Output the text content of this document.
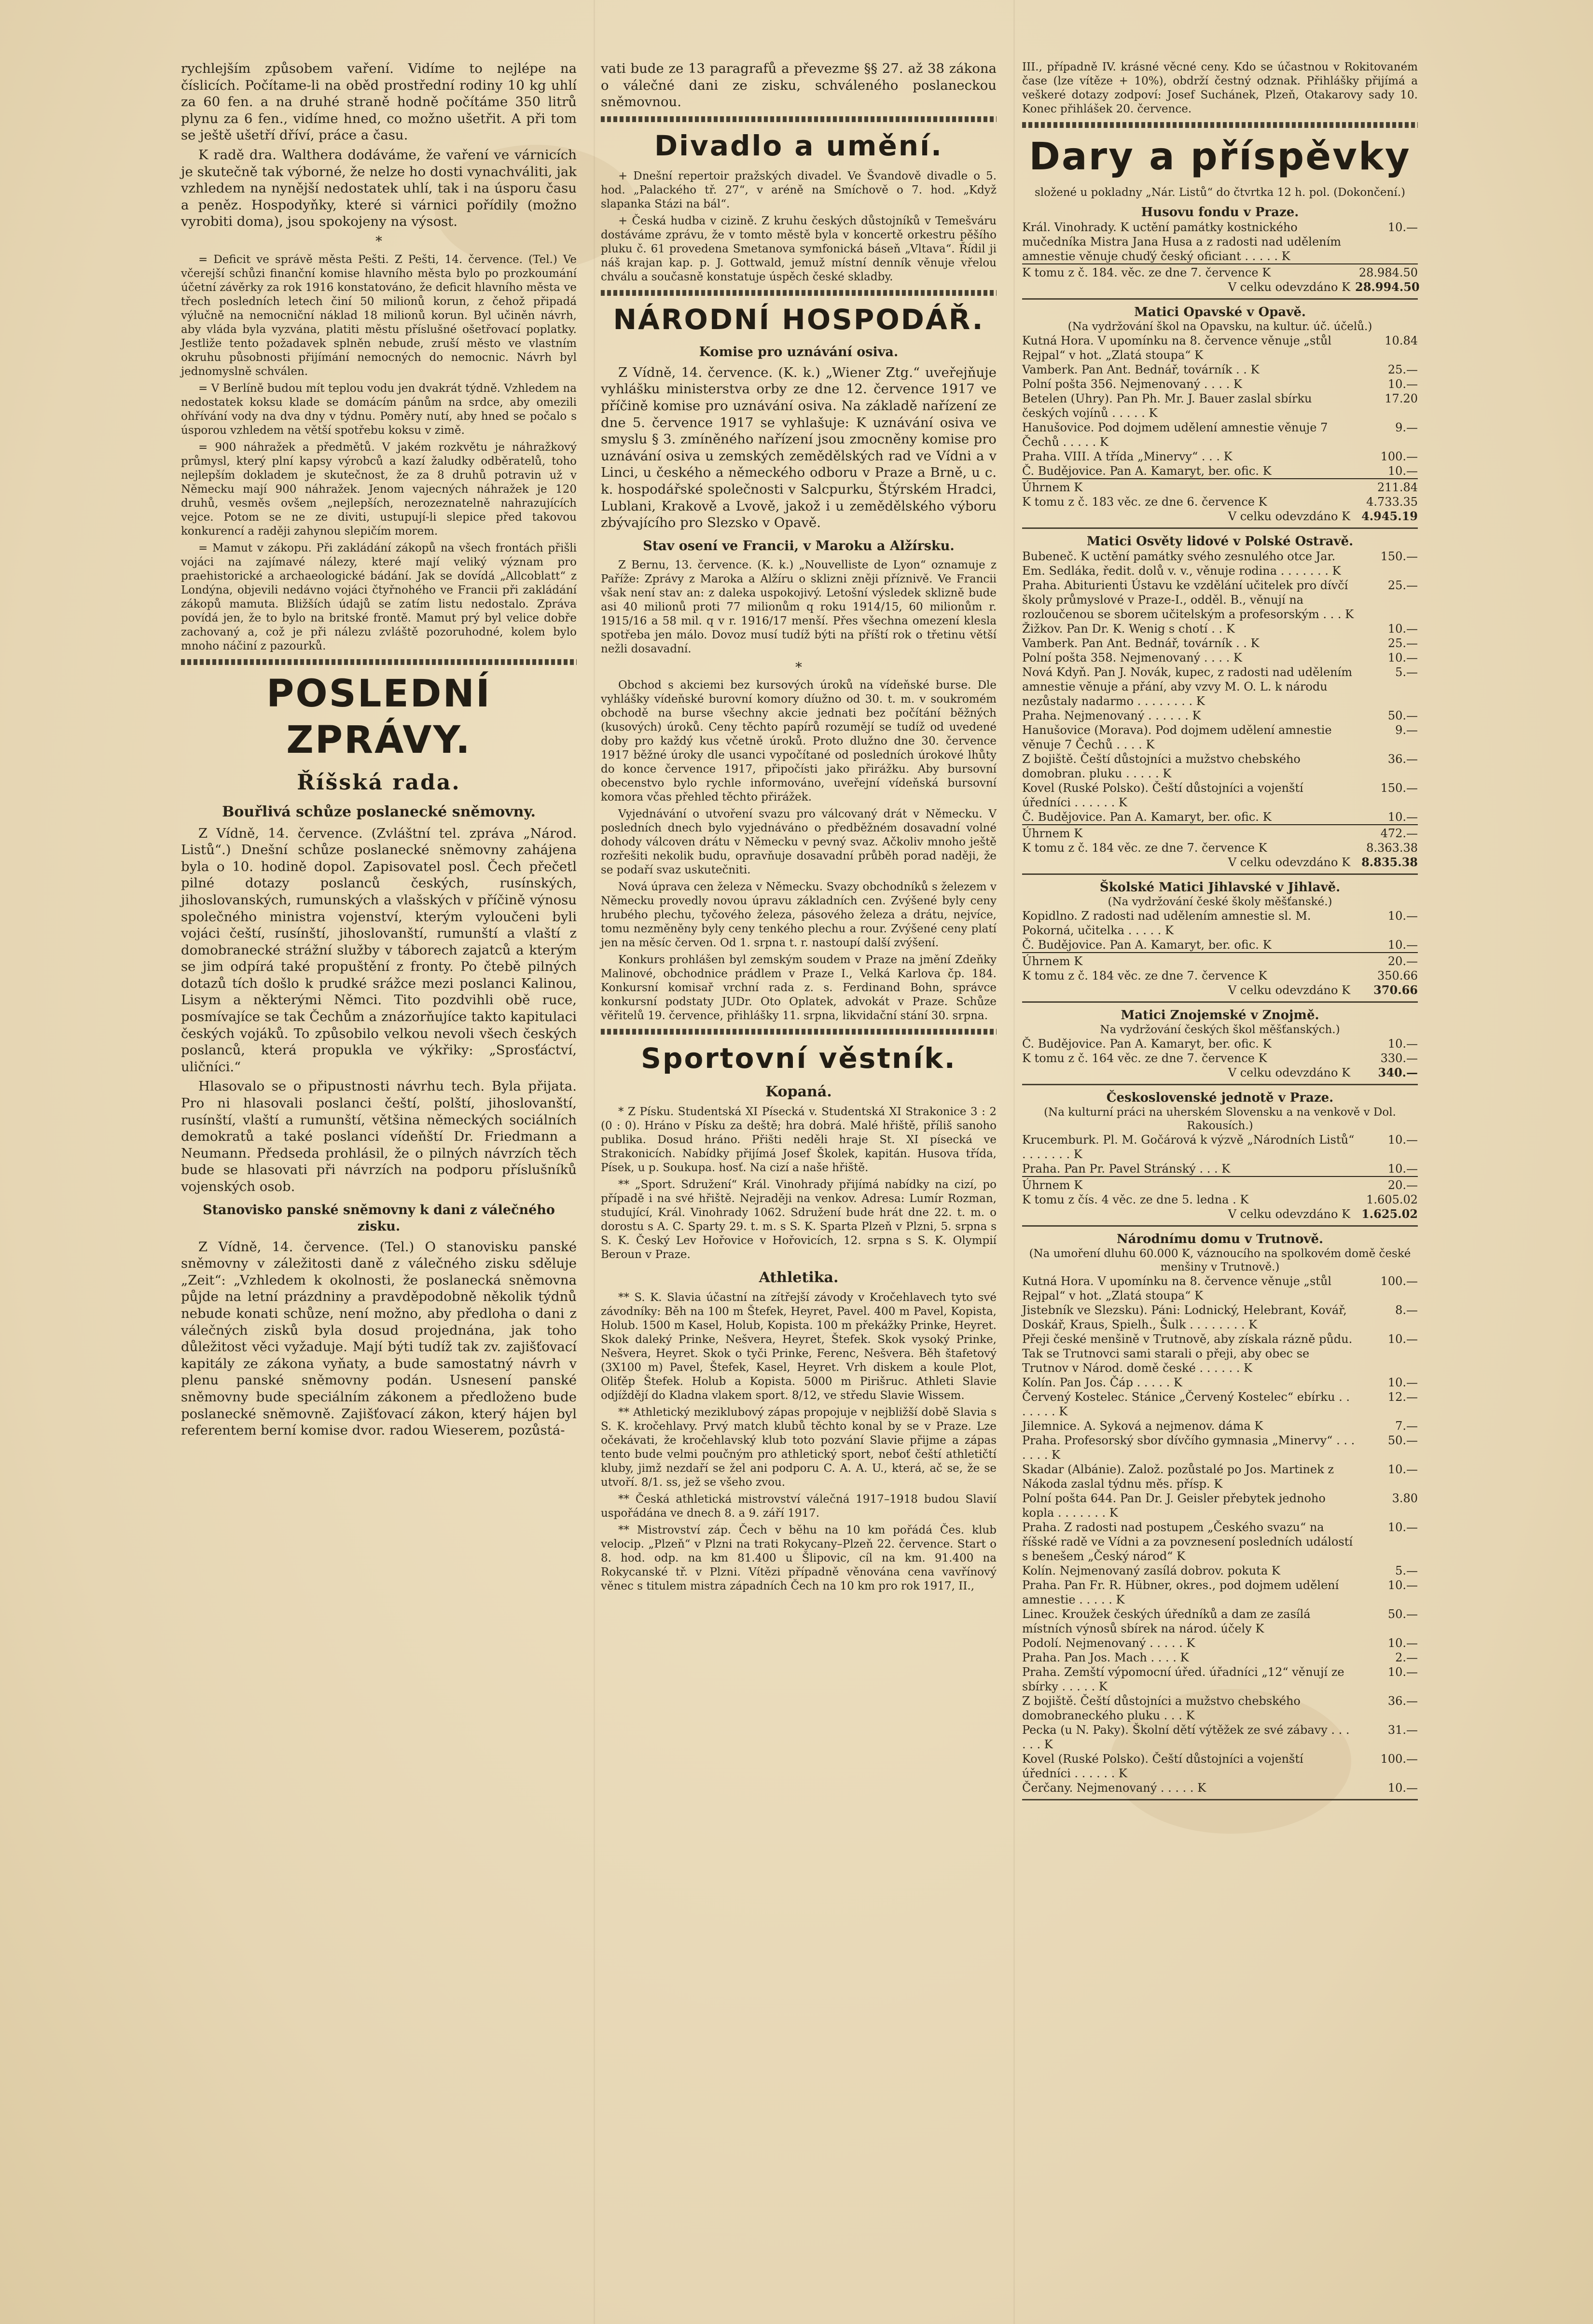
rychlejším způsobem vaření. Vidíme to nejlépe na číslicích. Počítame-li na oběd prostřední rodiny 10 kg uhlí za 60 fen. a na druhé straně hodně počítáme 350 litrů plynu za 6 fen., vidíme hned, co možno ušetřit. A při tom se ještě ušetří dříví, práce a času.

K radě dra. Walthera dodáváme, že vaření ve várnicích je skutečně tak výborné, že nelze ho dosti vynachváliti, jak vzhledem na nynější nedostatek uhlí, tak i na úsporu času a peněz. Hospodyňky, které si várnici pořídily (možno vyrobiti doma), jsou spokojeny na výsost.

*

= Deficit ve správě města Pešti. Z Pešti, 14. července. (Tel.) Ve včerejší schůzi finanční komise hlavního města bylo po prozkoumání účetní závěrky za rok 1916 konstatováno, že deficit hlavního města ve třech posledních letech činí 50 milionů korun, z čehož připadá výlučně na nemocniční náklad 18 milionů korun. Byl učiněn návrh, aby vláda byla vyzvána, platiti městu příslušné ošetřovací poplatky. Jestliže tento požadavek splněn nebude, zruší město ve vlastním okruhu působnosti přijímání nemocných do nemocnic. Návrh byl jednomyslně schválen.

= V Berlíně budou mít teplou vodu jen dvakrát týdně. Vzhledem na nedostatek koksu klade se domácím pánům na srdce, aby omezili ohřívání vody na dva dny v týdnu. Poměry nutí, aby hned se počalo s úsporou vzhledem na větší spotřebu koksu v zimě.

= 900 náhražek a předmětů. V jakém rozkvětu je náhražkový průmysl, který plní kapsy výrobců a kazí žaludky odběratelů, toho nejlepším dokladem je skutečnost, že za 8 druhů potravin už v Německu mají 900 náhražek. Jenom vajecných náhražek je 120 druhů, vesměs ovšem „nejlepších, nerozeznatelně nahrazujících vejce. Potom se ne ze diviti, ustupují-li slepice před takovou konkurencí a raději zahynou slepičím morem.

= Mamut v zákopu. Při zakládání zákopů na všech frontách přišli vojáci na zajímavé nálezy, které mají veliký význam pro praehistorické a archaeologické bádání. Jak se dovídá „Allcoblatt“ z Londýna, objevili nedávno vojáci čtyřnohého ve Francii při zakládání zákopů mamuta. Bližších údajů se zatím listu nedostalo. Zpráva povídá jen, že to bylo na britské frontě. Mamut prý byl velice dobře zachovaný a, což je při nálezu zvláště pozoruhodné, kolem bylo mnoho náčiní z pazourků.

POSLEDNÍ ZPRÁVY.
Říšská rada.
Bouřlivá schůze poslanecké sněmovny.

Z Vídně, 14. července. (Zvláštní tel. zpráva „Národ. Listů“.) Dnešní schůze poslanecké sněmovny zahájena byla o 10. hodině dopol. Zapisovatel posl. Čech přečetl pilné dotazy poslanců českých, rusínských, jihoslovanských, rumunských a vlašských v příčině výnosu společného ministra vojenství, kterým vyloučeni byli vojáci čeští, rusínští, jihoslovanští, rumunští a vlaští z domobranecké strážní služby v táborech zajatců a kterým se jim odpírá také propuštění z fronty. Po čtebě pilných dotazů tích došlo k prudké srážce mezi poslanci Kalinou, Lisym a některými Němci. Tito pozdvihli obě ruce, posmívajíce se tak Čechům a znázorňujíce takto kapitulaci českých vojáků. To způsobilo velkou nevoli všech českých poslanců, která propukla ve výkřiky: „Sprosťáctví, uličníci.“

Hlasovalo se o připustnosti návrhu tech. Byla přijata. Pro ni hlasovali poslanci čeští, polští, jihoslovanští, rusínští, vlaští a rumunští, většina německých sociálních demokratů a také poslanci vídeňští Dr. Friedmann a Neumann. Předseda prohlásil, že o pilných návrzích těch bude se hlasovati při návrzích na podporu příslušníků vojenských osob.

Stanovisko panské sněmovny k dani z válečného zisku.

Z Vídně, 14. července. (Tel.) O stanovisku panské sněmovny v záležitosti daně z válečného zisku sděluje „Zeit“: „Vzhledem k okolnosti, že poslanecká sněmovna půjde na letní prázdniny a pravděpodobně několik týdnů nebude konati schůze, není možno, aby předloha o dani z válečných zisků byla dosud projednána, jak toho důležitost věci vyžaduje. Mají býti tudíž tak zv. zajišťovací kapitály ze zákona vyňaty, a bude samostatný návrh v plenu panské sněmovny podán. Usnesení panské sněmovny bude speciálním zákonem a předloženo bude poslanecké sněmovně. Zajišťovací zákon, který hájen byl referentem berní komise dvor. radou Wieserem, pozůstá-

vati bude ze 13 paragrafů a převezme §§ 27. až 38 zákona o válečné dani ze zisku, schváleného poslaneckou sněmovnou.

Divadlo a umění.

+ Dnešní repertoir pražských divadel. Ve Švandově divadle o 5. hod. „Palackého tř. 27“, v aréně na Smíchově o 7. hod. „Když slapanka Stázi na bál“.

+ Česká hudba v cizině. Z kruhu českých důstojníků v Temešváru dostáváme zprávu, že v tomto městě byla v koncertě orkestru pěšího pluku č. 61 provedena Smetanova symfonická báseň „Vltava“. Řídil ji náš krajan kap. p. J. Gottwald, jemuž místní denník věnuje vřelou chválu a současně konstatuje úspěch české skladby.

NÁRODNÍ HOSPODÁŘ.
Komise pro uznávání osiva.

Z Vídně, 14. července. (K. k.) „Wiener Ztg.“ uveřejňuje vyhlášku ministerstva orby ze dne 12. července 1917 ve příčině komise pro uznávání osiva. Na základě nařízení ze dne 5. července 1917 se vyhlašuje: K uznávání osiva ve smyslu § 3. zmíněného nařízení jsou zmocněny komise pro uznávání osiva u zemských zemědělských rad ve Vídni a v Linci, u českého a německého odboru v Praze a Brně, u c. k. hospodářské společnosti v Salcpurku, Štýrském Hradci, Lublani, Krakově a Lvově, jakož i u zemědělského výboru zbývajícího pro Slezsko v Opavě.

Stav osení ve Francii, v Maroku a Alžírsku.

Z Bernu, 13. července. (K. k.) „Nouvelliste de Lyon“ oznamuje z Paříže: Zprávy z Maroka a Alžíru o sklizni zněji příznivě. Ve Francii však není stav an: z daleka uspokojivý. Letošní výsledek sklizně bude asi 40 milionů proti 77 milionům q roku 1914/15, 60 milionům r. 1915/16 a 58 mil. q v r. 1916/17 menší. Přes všechna omezení klesla spotřeba jen málo. Dovoz musí tudíž býti na příští rok o třetinu větší nežli dosavadní.

*

Obchod s akciemi bez kursových úroků na vídeňské burse. Dle vyhlášky vídeňské burovní komory díužno od 30. t. m. v soukromém obchodě na burse všechny akcie jednati bez počítání běžných (kusových) úroků. Ceny těchto papírů rozumějí se tudíž od uvedené doby pro každý kus včetně úroků. Proto dlužno dne 30. července 1917 běžné úroky dle usanci vypočítané od posledních úrokové lhůty do konce července 1917, připočísti jako přirážku. Aby bursovní obecenstvo bylo rychle informováno, uveřejní vídeňská bursovní komora včas přehled těchto přirážek.

Vyjednávání o utvoření svazu pro válcovaný drát v Německu. V posledních dnech bylo vyjednáváno o předběžném dosavadní volné dohody válcoven drátu v Německu v pevný svaz. Ačkoliv mnoho ještě rozřešiti nekolik budu, opravňuje dosavadní průběh porad naději, že se podaří svaz uskutečniti.

Nová úprava cen železa v Německu. Svazy obchodníků s železem v Německu provedly novou úpravu základních cen. Zvýšené byly ceny hrubého plechu, tyčového železa, pásového železa a drátu, nejvíce, tomu nezměněny byly ceny tenkého plechu a rour. Zvýšené ceny platí jen na měsíc červen. Od 1. srpna t. r. nastoupí další zvýšení.

Konkurs prohlášen byl zemským soudem v Praze na jmění Zdeňky Malinové, obchodnice prádlem v Praze I., Velká Karlova čp. 184. Konkursní komisař vrchní rada z. s. Ferdinand Bohn, správce konkursní podstaty JUDr. Oto Oplatek, advokát v Praze. Schůze věřitelů 19. července, přihlášky 11. srpna, likvidační stání 30. srpna.

Sportovní věstník.
Kopaná.

* Z Písku. Studentská XI Písecká v. Studentská XI Strakonice 3 : 2 (0 : 0). Hráno v Písku za deště; hra dobrá. Malé hřiště, příliš sanoho publika. Dosud hráno. Přišti neděli hraje St. XI písecká ve Strakonicích. Nabídky přijímá Josef Školek, kapitán. Husova třída, Písek, u p. Soukupa. hosť. Na cizí a naše hřiště.

** „Sport. Sdružení“ Král. Vinohrady přijímá nabídky na cizí, po případě i na své hřiště. Nejraději na venkov. Adresa: Lumír Rozman, studující, Král. Vinohrady 1062. Sdružení bude hrát dne 22. t. m. o dorostu s A. C. Sparty 29. t. m. s S. K. Sparta Plzeň v Plzni, 5. srpna s S. K. Český Lev Hořovice v Hořovicích, 12. srpna s S. K. Olympií Beroun v Praze.

Athletika.

** S. K. Slavia účastní na zítřejší závody v Kročehlavech tyto své závodníky: Běh na 100 m Štefek, Heyret, Pavel. 400 m Pavel, Kopista, Holub. 1500 m Kasel, Holub, Kopista. 100 m překážky Prinke, Heyret. Skok daleký Prinke, Nešvera, Heyret, Štefek. Skok vysoký Prinke, Nešvera, Heyret. Skok o tyči Prinke, Ferenc, Nešvera. Běh štafetový (3X100 m) Pavel, Štefek, Kasel, Heyret. Vrh diskem a koule Plot, Oliťěp Štefek. Holub a Kopista. 5000 m Pirišruc. Athleti Slavie odjíždějí do Kladna vlakem sport. 8/12, ve středu Slavie Wissem.

** Athletický meziklubový zápas propojuje v nejbližší době Slavia s S. K. kročehlavy. Prvý match klubů těchto konal by se v Praze. Lze očekávati, že kročehlavský klub toto pozvání Slavie přijme a zápas tento bude velmi poučným pro athletický sport, neboť čeští athletičtí kluby, jimž nezdaří se žel ani podporu C. A. A. U., která, ač se, že se utvoří. 8/1. ss, jež se všeho zvou.

** Česká athletická mistrovství válečná 1917–1918 budou Slavií uspořádána ve dnech 8. a 9. září 1917.

** Mistrovství záp. Čech v běhu na 10 km pořádá Čes. klub velocip. „Plzeň“ v Plzni na trati Rokycany–Plzeň 22. července. Start o 8. hod. odp. na km 81.400 u Šlipovic, cíl na km. 91.400 na Rokycanské tř. v Plzni. Vítězi případně věnována cena vavřínový věnec s titulem mistra západních Čech na 10 km pro rok 1917, II.,

III., případně IV. krásné věcné ceny. Kdo se účastnou v Rokitovaném čase (lze vítěze + 10%), obdrží čestný odznak. Přihlášky přijímá a veškeré dotazy zodpoví: Josef Suchánek, Plzeň, Otakarovy sady 10. Konec přihlášek 20. července.

Dary a příspěvky

složené u pokladny „Nár. Listů“ do čtvrtka 12 h. pol. (Dokončení.)

Husovu fondu v Praze.
Král. Vinohrady. K uctění památky kostnického mučedníka Mistra Jana Husa a z radosti nad udělením amnestie věnuje chuďý český oficiant . . . . . K
10.—
K tomu z č. 184. věc. ze dne 7. července K	28.984.50
V celku odevzdáno K 28.994.50
Matici Opavské v Opavě.
(Na vydržování škol na Opavsku, na kultur. úč. účelů.)
Kutná Hora. V upomínku na 8. července věnuje „stůl Rejpal“ v hot. „Zlatá stoupa“ K
10.84
Vamberk. Pan Ant. Bednář, továrník . . K	25.—
Polní pošta 356. Nejmenovaný . . . . K	10.—
Betelen (Uhry). Pan Ph. Mr. J. Bauer zaslal sbírku českých vojínů . . . . . K
17.20
Hanušovice. Pod dojmem udělení amnestie věnuje 7 Čechů . . . . . K
9.—
Praha. VIII. A třída „Minervy“ . . . K	100.—
Č. Budějovice. Pan A. Kamaryt, ber. ofic. K	10.—
Úhrnem K	211.84
K tomu z č. 183 věc. ze dne 6. července K	4.733.35
V celku odevzdáno K 4.945.19
Matici Osvěty lidové v Polské Ostravě.
Bubeneč. K uctění památky svého zesnulého otce Jar. Em. Sedláka, ředit. dolů v. v., věnuje rodina . . . . . . . K
150.—
Praha. Abiturienti Ústavu ke vzdělání učitelek pro dívčí školy průmyslové v Praze-I., odděl. B., věnují na rozloučenou se sborem učitelským a profesorským . . . K
25.—
Žižkov. Pan Dr. K. Wenig s chotí . . K	10.—
Vamberk. Pan Ant. Bednář, továrník . . K	25.—
Polní pošta 358. Nejmenovaný . . . . K	10.—
Nová Kdyň. Pan J. Novák, kupec, z radosti nad udělením amnestie věnuje a přání, aby vzvy M. O. L. k národu nezůstaly nadarmo . . . . . . . . K
5.—
Praha. Nejmenovaný . . . . . . K	50.—
Hanušovice (Morava). Pod dojmem udělení amnestie věnuje 7 Čechů . . . . K
9.—
Z bojiště. Čeští důstojníci a mužstvo chebského domobran. pluku . . . . . K
36.—
Kovel (Ruské Polsko). Čeští důstojníci a vojenští úředníci . . . . . . K
150.—
Č. Budějovice. Pan A. Kamaryt, ber. ofic. K	10.—
Úhrnem K	472.—
K tomu z č. 184 věc. ze dne 7. července K	8.363.38
V celku odevzdáno K 8.835.38
Školské Matici Jihlavské v Jihlavě.
(Na vydržování české školy měšťanské.)
Kopidlno. Z radosti nad udělením amnestie sl. M. Pokorná, učitelka . . . . . K
10.—
Č. Budějovice. Pan A. Kamaryt, ber. ofic. K	10.—
Úhrnem K	20.—
K tomu z č. 184 věc. ze dne 7. července K	350.66
V celku odevzdáno K	370.66
Matici Znojemské v Znojmě.
Na vydržování českých škol měšťanských.)
Č. Budějovice. Pan A. Kamaryt, ber. ofic. K	10.—
K tomu z č. 164 věc. ze dne 7. července K	330.—
V celku odevzdáno K	340.—
Československé jednotě v Praze.
(Na kulturní práci na uherském Slovensku a na venkově v Dol. Rakousích.)
Krucemburk. Pl. M. Gočárová k výzvě „Národních Listů“ . . . . . . . K
10.—
Praha. Pan Pr. Pavel Stránský . . . K	10.—
Úhrnem K	20.—
K tomu z čís. 4 věc. ze dne 5. ledna . K	1.605.02
V celku odevzdáno K 1.625.02
Národnímu domu v Trutnově.
(Na umoření dluhu 60.000 K, váznoucího na spolkovém domě české menšiny v Trutnově.)
Kutná Hora. V upomínku na 8. července věnuje „stůl Rejpal“ v hot. „Zlatá stoupa“ K
100.—
Jistebník ve Slezsku). Páni: Lodnický, Helebrant, Kovář, Doskář, Kraus, Spielh., Šulk . . . . . . . . K
8.—
Přeji české menšině v Trutnově, aby získala rázně půdu. Tak se Trutnovci sami starali o přeji, aby obec se Trutnov v Národ. domě české . . . . . . K
10.—
Kolín. Pan Jos. Čáp . . . . . K	10.—
Červený Kostelec. Stánice „Červený Kostelec“ ebírku . . . . . . . K
12.—
Jilemnice. A. Syková a nejmenov. dáma K	7.—
Praha. Profesorský sbor dívčího gymnasia „Minervy“ . . . . . . . K
50.—
Skadar (Albánie). Založ. pozůstalé po Jos. Martinek z Nákoda zaslal týdnu měs. přísp. K
10.—
Polní pošta 644. Pan Dr. J. Geisler přebytek jednoho kopla . . . . . . . K
3.80
Praha. Z radosti nad postupem „Českého svazu“ na říšské radě ve Vídni a za povznesení posledních událostí s benešem „Český národ“ K
10.—
Kolín. Nejmenovaný zasílá dobrov. pokuta K	5.—
Praha. Pan Fr. R. Hübner, okres., pod dojmem udělení amnestie . . . . . K
10.—
Linec. Kroužek českých úředníků a dam ze zasílá místních výnosů sbírek na národ. účely K
50.—
Podolí. Nejmenovaný . . . . . K	10.—
Praha. Pan Jos. Mach . . . . K	2.—
Praha. Zemští výpomocní úřed. úřadníci „12“ věnují ze sbírky . . . . . K
10.—
Z bojiště. Čeští důstojníci a mužstvo chebského domobraneckého pluku . . . K
36.—
Pecka (u N. Paky). Školní dětí výtěžek ze své zábavy . . . . . . K
31.—
Kovel (Ruské Polsko). Čeští důstojníci a vojenští úředníci . . . . . . K
100.—
Čerčany. Nejmenovaný . . . . . K	10.—
